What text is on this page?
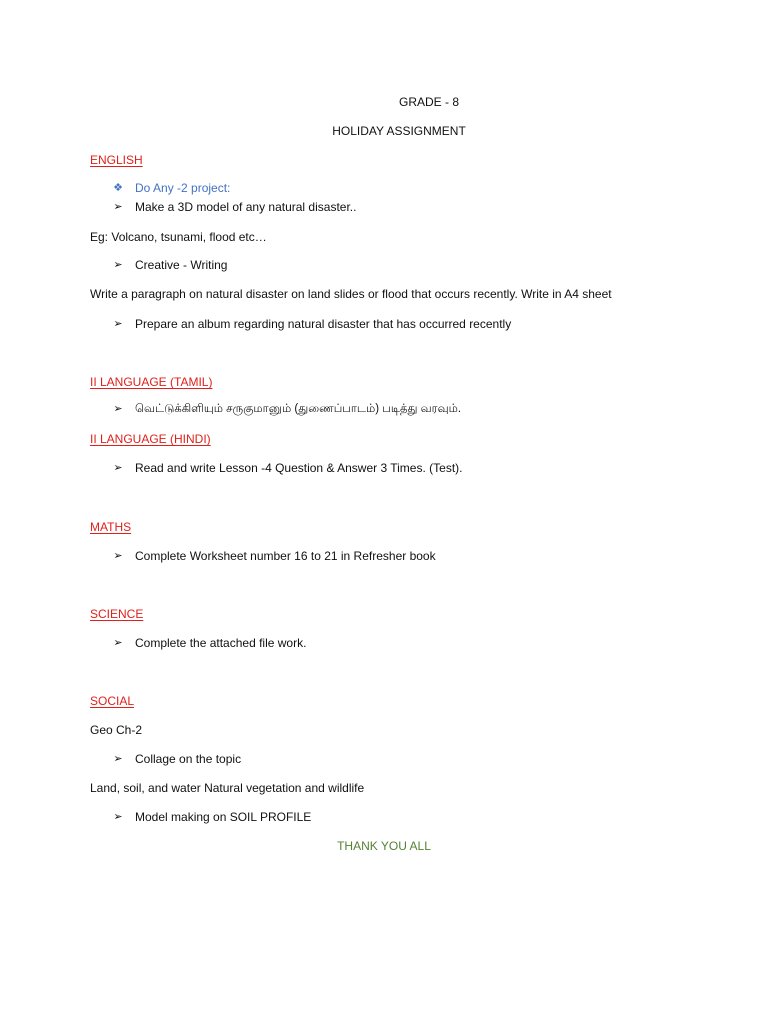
GRADE - 8
HOLIDAY ASSIGNMENT
ENGLISH
❖ Do Any -2 project:
➢ Make a 3D model of any natural disaster..
Eg: Volcano, tsunami, flood etc…
➢ Creative - Writing
Write a paragraph on natural disaster on land slides or flood that occurs recently. Write in A4 sheet
➢ Prepare an album regarding natural disaster that has occurred recently
II LANGUAGE (TAMIL)
➢ வெட்டுக்கிளியும் சருகுமானும் (துணைப்பாடம்) படித்து வரவும்.
II LANGUAGE (HINDI)
➢ Read and write Lesson -4 Question & Answer 3 Times. (Test).
MATHS
➢ Complete Worksheet number 16 to 21 in Refresher book
SCIENCE
➢ Complete the attached file work.
SOCIAL
Geo Ch-2
➢ Collage on the topic
Land, soil, and water Natural vegetation and wildlife
➢ Model making on SOIL PROFILE
THANK YOU ALL
